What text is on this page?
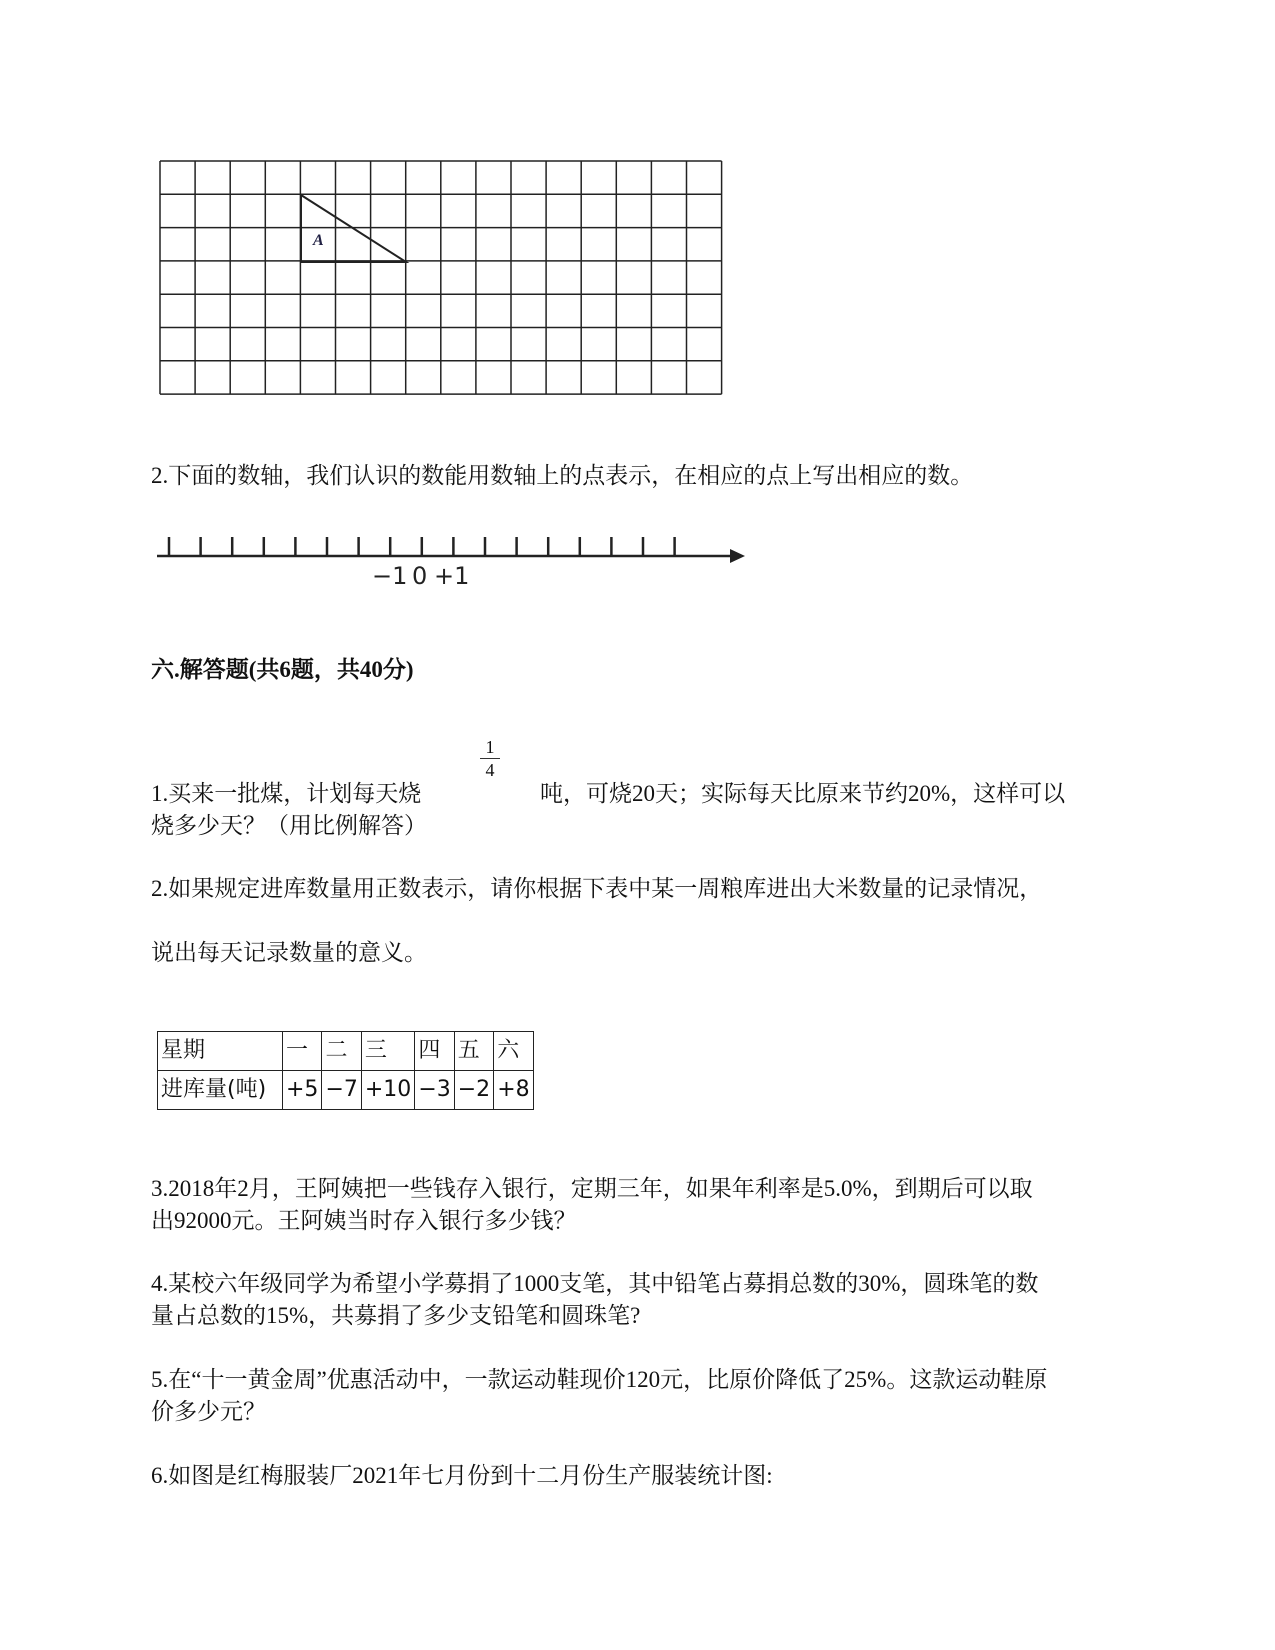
A
2.下面的数轴，我们认识的数能用数轴上的点表示，在相应的点上写出相应的数。
−1 0 +1
六.解答题(共6题，共40分)
1.买来一批煤，计划每天烧
1
4
吨，可烧20天；实际每天比原来节约20%，这样可以
烧多少天？（用比例解答）
2.如果规定进库数量用正数表示，请你根据下表中某一周粮库进出大米数量的记录情况，
说出每天记录数量的意义。
星期	一	二	三	四	五	六
进库量(吨)	+5	−7	+10	−3	−2	+8
3.2018年2月，王阿姨把一些钱存入银行，定期三年，如果年利率是5.0%，到期后可以取
出92000元。王阿姨当时存入银行多少钱？
4.某校六年级同学为希望小学募捐了1000支笔，其中铅笔占募捐总数的30%，圆珠笔的数
量占总数的15%，共募捐了多少支铅笔和圆珠笔?
5.在“十一黄金周”优惠活动中，一款运动鞋现价120元，比原价降低了25%。这款运动鞋原
价多少元？
6.如图是红梅服装厂2021年七月份到十二月份生产服装统计图:
